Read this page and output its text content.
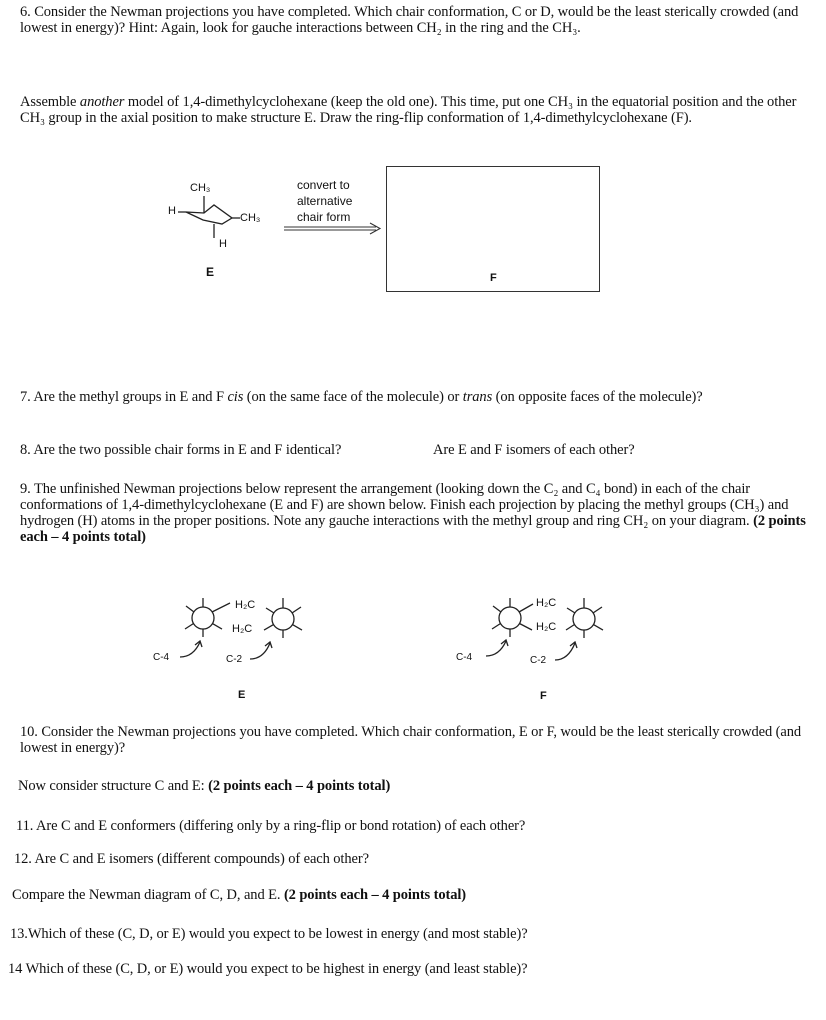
6. Consider the Newman projections you have completed. Which chair conformation, C or D, would be the least sterically crowded (and lowest in energy)? Hint: Again, look for gauche interactions between CH₂ in the ring and the CH₃.
Assemble another model of 1,4-dimethylcyclohexane (keep the old one). This time, put one CH₃ in the equatorial position and the other CH₃ group in the axial position to make structure E. Draw the ring-flip conformation of 1,4-dimethylcyclohexane (F).
CH₃
H
CH₃
H
E
convert to
alternative
chair form
F
7. Are the methyl groups in E and F cis (on the same face of the molecule) or trans (on opposite faces of the molecule)?
8. Are the two possible chair forms in E and F identical?	Are E and F isomers of each other?
9. The unfinished Newman projections below represent the arrangement (looking down the C₂ and C₄ bond) in each of the chair conformations of 1,4-dimethylcyclohexane (E and F) are shown below. Finish each projection by placing the methyl groups (CH₃) and hydrogen (H) atoms in the proper positions. Note any gauche interactions with the methyl group and ring CH₂ on your diagram. (2 points each – 4 points total)
H₂C
H₂C
C-4	C-2
E
H₂C
H₂C
C-4	C-2
F
10. Consider the Newman projections you have completed. Which chair conformation, E or F, would be the least sterically crowded (and lowest in energy)?
Now consider structure C and E: (2 points each – 4 points total)
11. Are C and E conformers (differing only by a ring-flip or bond rotation) of each other?
12. Are C and E isomers (different compounds) of each other?
Compare the Newman diagram of C, D, and E. (2 points each – 4 points total)
13.Which of these (C, D, or E) would you expect to be lowest in energy (and most stable)?
14 Which of these (C, D, or E) would you expect to be highest in energy (and least stable)?
